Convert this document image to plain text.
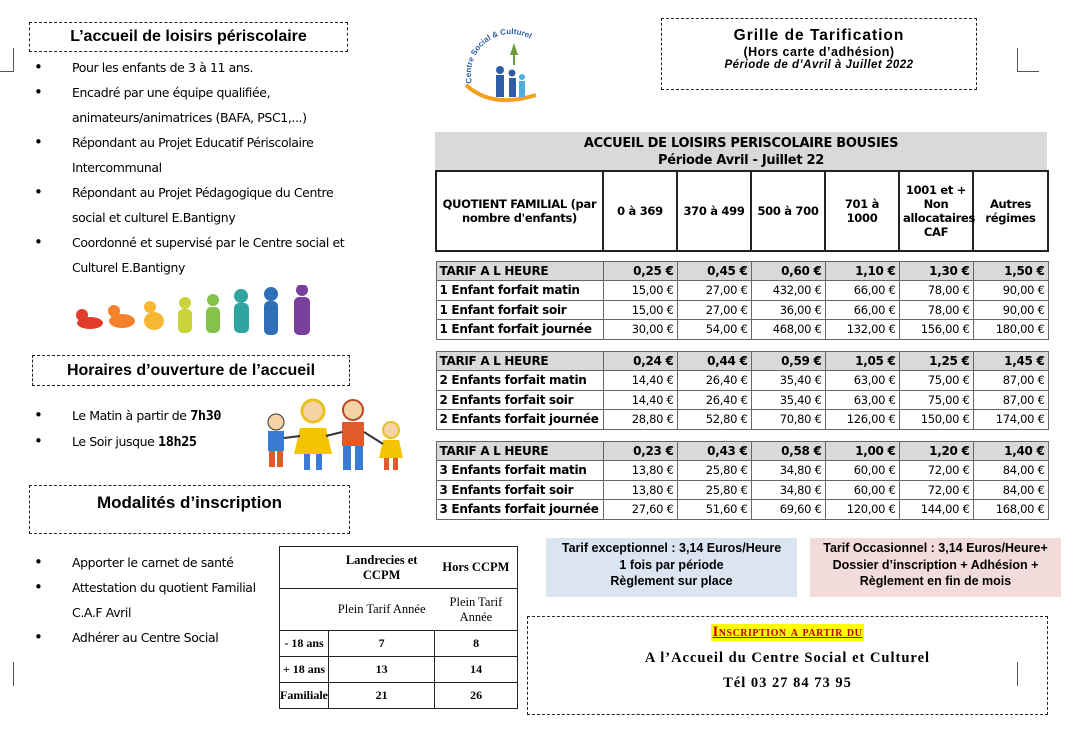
L’accueil de loisirs périscolaire
• Pour les enfants de 3 à 11 ans.
• Encadré par une équipe qualifiée, animateurs/animatrices (BAFA, PSC1,...)
• Répondant au Projet Educatif Périscolaire Intercommunal
• Répondant au Projet Pédagogique du Centre social et culturel E.Bantigny
• Coordonné et supervisé par le Centre social et Culturel E.Bantigny
Horaires d’ouverture de l’accueil
• Le Matin à partir de 7h30
• Le Soir jusque 18h25
Modalités d’inscription
• Apporter le carnet de santé
• Attestation du quotient Familial C.A.F Avril
• Adhérer au Centre Social
Centre Social & Culturel	Grille de Tarification
(Hors carte d’adhésion)
Période de d’Avril à Juillet 2022
ACCUEIL DE LOISIRS PERISCOLAIRE BOUSIES
Période Avril - Juillet 22
QUOTIENT FAMILIAL (par nombre d'enfants)	0 à 369	370 à 499	500 à 700	701 à 1000	1001 et + Non allocataires CAF	Autres régimes

TARIF A L HEURE	0,25 €	0,45 €	0,60 €	1,10 €	1,30 €	1,50 €
1 Enfant forfait matin	15,00 €	27,00 €	432,00 €	66,00 €	78,00 €	90,00 €
1 Enfant forfait soir	15,00 €	27,00 €	36,00 €	66,00 €	78,00 €	90,00 €
1 Enfant forfait journée	30,00 €	54,00 €	468,00 €	132,00 €	156,00 €	180,00 €

TARIF A L HEURE	0,24 €	0,44 €	0,59 €	1,05 €	1,25 €	1,45 €
2 Enfants forfait matin	14,40 €	26,40 €	35,40 €	63,00 €	75,00 €	87,00 €
2 Enfants forfait soir	14,40 €	26,40 €	35,40 €	63,00 €	75,00 €	87,00 €
2 Enfants forfait journée	28,80 €	52,80 €	70,80 €	126,00 €	150,00 €	174,00 €

TARIF A L HEURE	0,23 €	0,43 €	0,58 €	1,00 €	1,20 €	1,40 €
3 Enfants forfait matin	13,80 €	25,80 €	34,80 €	60,00 €	72,00 €	84,00 €
3 Enfants forfait soir	13,80 €	25,80 €	34,80 €	60,00 €	72,00 €	84,00 €
3 Enfants forfait journée	27,60 €	51,60 €	69,60 €	120,00 €	144,00 €	168,00 €
	Landrecies et CCPM	Hors CCPM
	Plein Tarif Année	Plein Tarif Année
- 18 ans	7	8
+ 18 ans	13	14
Familiale	21	26
Tarif exceptionnel : 3,14 Euros/Heure
1 fois par période
Règlement sur place
Tarif Occasionnel : 3,14 Euros/Heure+
Dossier d’inscription + Adhésion +
Règlement en fin de mois
Inscription a partir du
A l’Accueil du Centre Social et Culturel
Tél 03 27 84 73 95
